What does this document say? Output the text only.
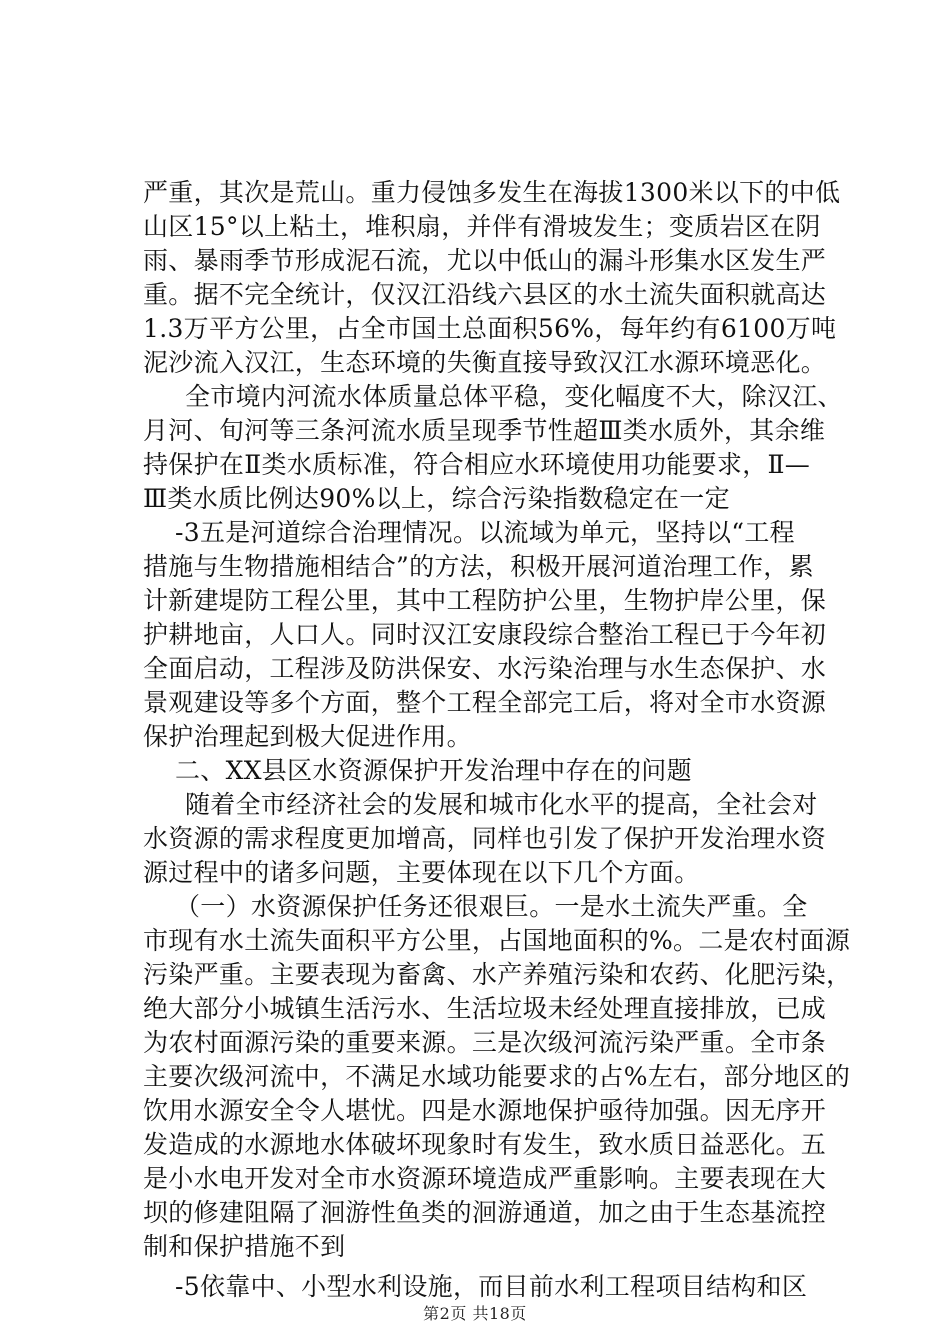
严重，其次是荒山。重力侵蚀多发生在海拔1300米以下的中低
山区15°以上粘土，堆积扇，并伴有滑坡发生；变质岩区在阴
雨、暴雨季节形成泥石流，尤以中低山的漏斗形集水区发生严
重。据不完全统计，仅汉江沿线六县区的水土流失面积就高达
1.3万平方公里，占全市国土总面积56%，每年约有6100万吨
泥沙流入汉江，生态环境的失衡直接导致汉江水源环境恶化。
全市境内河流水体质量总体平稳，变化幅度不大，除汉江、
月河、旬河等三条河流水质呈现季节性超Ⅲ类水质外，其余维
持保护在Ⅱ类水质标准，符合相应水环境使用功能要求，Ⅱ—
Ⅲ类水质比例达90%以上，综合污染指数稳定在一定
-3五是河道综合治理情况。以流域为单元，坚持以“工程
措施与生物措施相结合”的方法，积极开展河道治理工作，累
计新建堤防工程公里，其中工程防护公里，生物护岸公里，保
护耕地亩，人口人。同时汉江安康段综合整治工程已于今年初
全面启动，工程涉及防洪保安、水污染治理与水生态保护、水
景观建设等多个方面，整个工程全部完工后，将对全市水资源
保护治理起到极大促进作用。
二、XX县区水资源保护开发治理中存在的问题
随着全市经济社会的发展和城市化水平的提高，全社会对
水资源的需求程度更加增高，同样也引发了保护开发治理水资
源过程中的诸多问题，主要体现在以下几个方面。
（一）水资源保护任务还很艰巨。一是水土流失严重。全
市现有水土流失面积平方公里，占国地面积的%。二是农村面源
污染严重。主要表现为畜禽、水产养殖污染和农药、化肥污染，
绝大部分小城镇生活污水、生活垃圾未经处理直接排放，已成
为农村面源污染的重要来源。三是次级河流污染严重。全市条
主要次级河流中，不满足水域功能要求的占%左右，部分地区的
饮用水源安全令人堪忧。四是水源地保护亟待加强。因无序开
发造成的水源地水体破坏现象时有发生，致水质日益恶化。五
是小水电开发对全市水资源环境造成严重影响。主要表现在大
坝的修建阻隔了洄游性鱼类的洄游通道，加之由于生态基流控
制和保护措施不到
-5依靠中、小型水利设施，而目前水利工程项目结构和区
第2页 共18页
